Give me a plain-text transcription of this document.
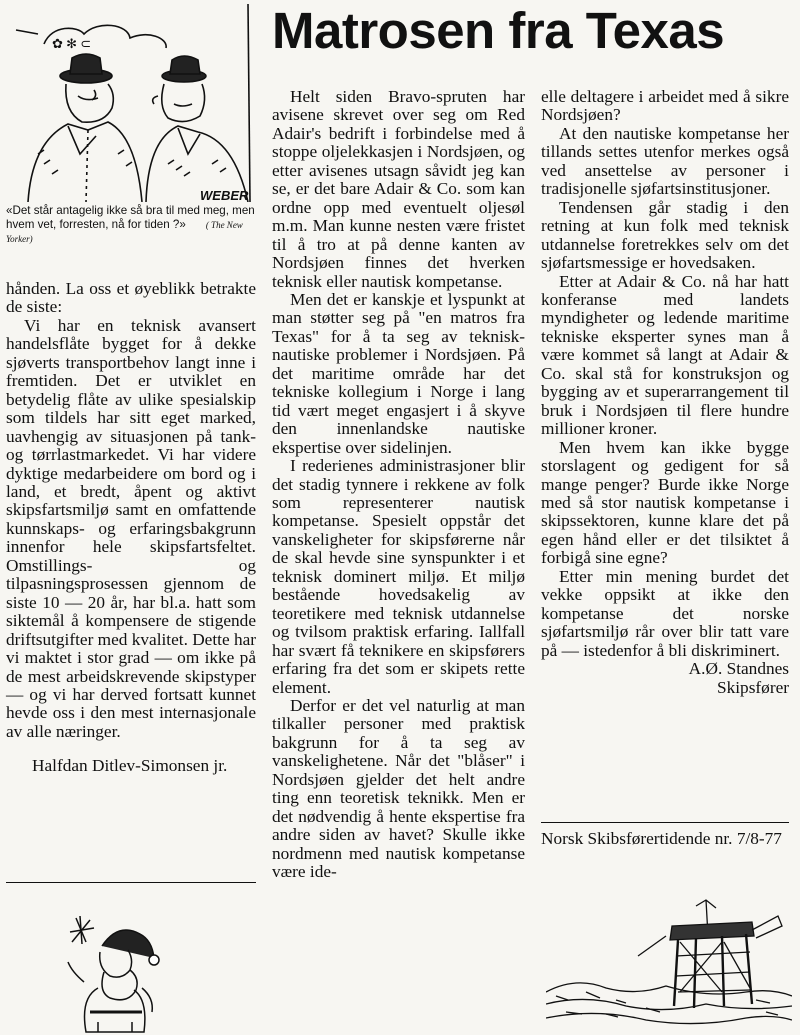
Matrosen fra Texas
✿ ✻ ⊂
WEBER
«Det står antagelig ikke så bra til med meg, men hvem vet, forresten, nå for tiden ?» ( The New Yorker)

hånden. La oss et øyeblikk betrakte de siste:

Vi har en teknisk avansert handelsflåte bygget for å dekke sjøverts transportbehov langt inne i fremtiden. Det er utviklet en betydelig flåte av ulike spesialskip som tildels har sitt eget marked, uavhengig av situasjonen på tank- og tørrlastmarkedet. Vi har videre dyktige medarbeidere om bord og i land, et bredt, åpent og aktivt skipsfartsmiljø samt en omfattende kunnskaps- og erfaringsbakgrunn innenfor hele skipsfartsfeltet. Omstillings- og tilpasningsprosessen gjennom de siste 10 — 20 år, har bl.a. hatt som siktemål å kompensere de stigende driftsutgifter med kvalitet. Dette har vi maktet i stor grad — om ikke på de mest arbeidskrevende skipstyper — og vi har derved fortsatt kunnet hevde oss i den mest internasjonale av alle næringer.

Halfdan Ditlev-Simonsen jr.

Helt siden Bravo-spruten har avisene skrevet over seg om Red Adair's bedrift i forbindelse med å stoppe oljelekkasjen i Nordsjøen, og etter avisenes utsagn såvidt jeg kan se, er det bare Adair & Co. som kan ordne opp med eventuelt oljesøl m.m. Man kunne nesten være fristet til å tro at på denne kanten av Nordsjøen finnes det hverken teknisk eller nautisk kompetanse.

Men det er kanskje et lyspunkt at man støtter seg på "en matros fra Texas" for å ta seg av teknisk-nautiske problemer i Nordsjøen. På det maritime område har det tekniske kollegium i Norge i lang tid vært meget engasjert i å skyve den innenlandske nautiske ekspertise over sidelinjen.

I rederienes administrasjoner blir det stadig tynnere i rekkene av folk som representerer nautisk kompetanse. Spesielt oppstår det vanskeligheter for skipsførerne når de skal hevde sine synspunkter i et teknisk dominert miljø. Et miljø bestående hovedsakelig av teoretikere med teknisk utdannelse og tvilsom praktisk erfaring. Iallfall har svært få teknikere en skipsførers erfaring fra det som er skipets rette element.

Derfor er det vel naturlig at man tilkaller personer med praktisk bakgrunn for å ta seg av vanskelighetene. Når det "blåser" i Nordsjøen gjelder det helt andre ting enn teoretisk teknikk. Men er det nødvendig å hente ekspertise fra andre siden av havet? Skulle ikke nordmenn med nautisk kompetanse være ide-

elle deltagere i arbeidet med å sikre Nordsjøen?

At den nautiske kompetanse her tillands settes utenfor merkes også ved ansettelse av personer i tradisjonelle sjøfartsinstitusjoner.

Tendensen går stadig i den retning at kun folk med teknisk utdannelse foretrekkes selv om det sjøfartsmessige er hovedsaken.

Etter at Adair & Co. nå har hatt konferanse med landets myndigheter og ledende maritime tekniske eksperter synes man å være kommet så langt at Adair & Co. skal stå for konstruksjon og bygging av et superarrangement til bruk i Nordsjøen til flere hundre millioner kroner.

Men hvem kan ikke bygge storslagent og gedigent for så mange penger? Burde ikke Norge med så stor nautisk kompetanse i skipssektoren, kunne klare det på egen hånd eller er det tilsiktet å forbigå sine egne?

Etter min mening burdet det vekke oppsikt at ikke den kompetanse det norske sjøfartsmiljø rår over blir tatt vare på — istedenfor å bli diskriminert.

A.Ø. Standnes
Skipsfører
Norsk Skibsførertidende nr. 7/8-77
